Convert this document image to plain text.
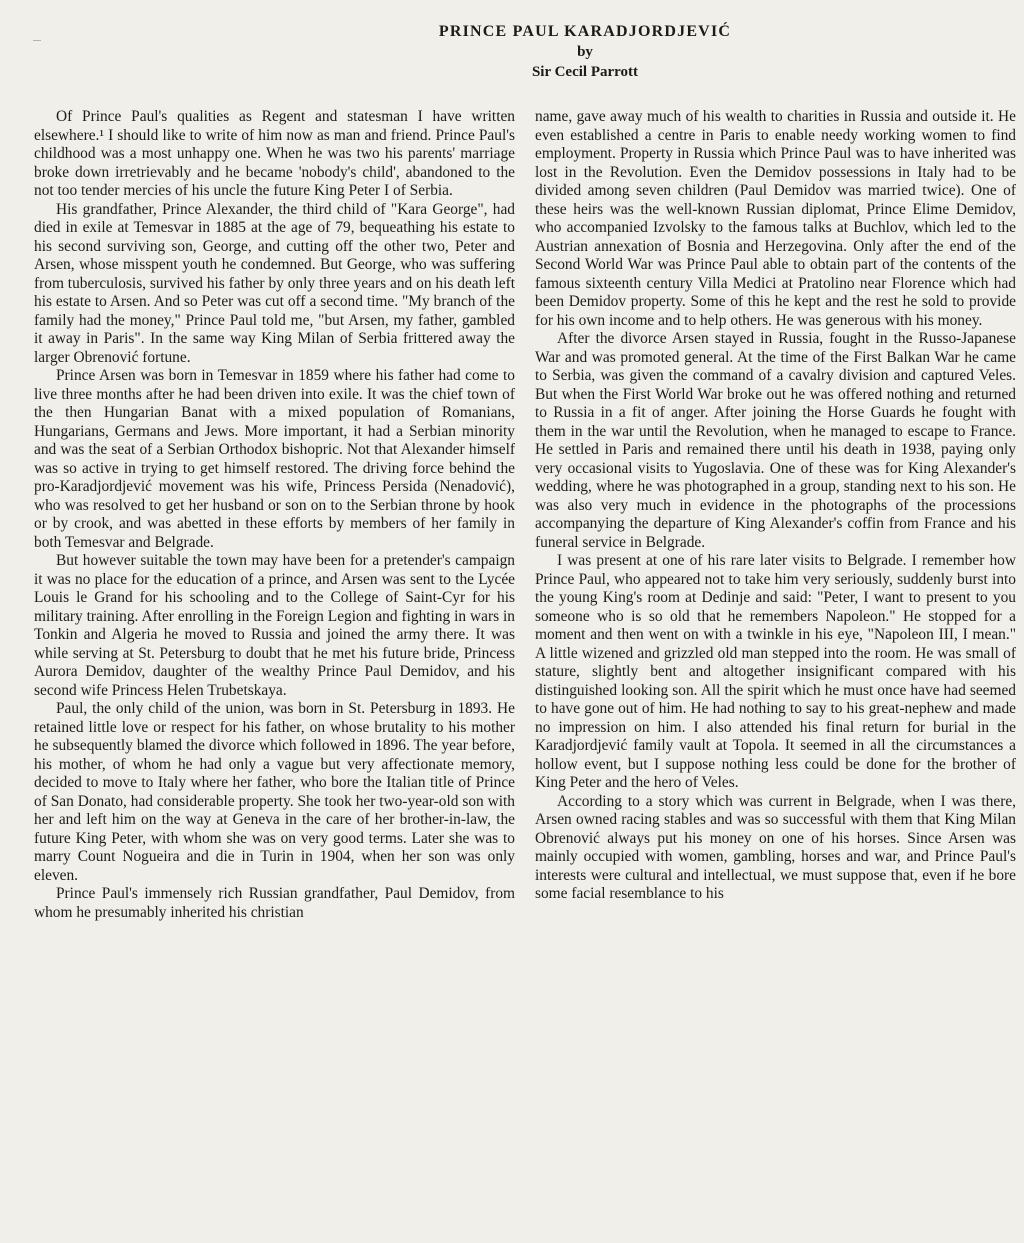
PRINCE PAUL KARADJORDJEVIĆ
by
Sir Cecil Parrott

Of Prince Paul's qualities as Regent and statesman I have written elsewhere.¹ I should like to write of him now as man and friend. Prince Paul's childhood was a most unhappy one. When he was two his parents' marriage broke down irretrievably and he became 'nobody's child', abandoned to the not too tender mercies of his uncle the future King Peter I of Serbia.

His grandfather, Prince Alexander, the third child of "Kara George", had died in exile at Temesvar in 1885 at the age of 79, bequeathing his estate to his second surviving son, George, and cutting off the other two, Peter and Arsen, whose misspent youth he condemned. But George, who was suffering from tuberculosis, survived his father by only three years and on his death left his estate to Arsen. And so Peter was cut off a second time. "My branch of the family had the money," Prince Paul told me, "but Arsen, my father, gambled it away in Paris". In the same way King Milan of Serbia frittered away the larger Obrenović fortune.

Prince Arsen was born in Temesvar in 1859 where his father had come to live three months after he had been driven into exile. It was the chief town of the then Hungarian Banat with a mixed population of Romanians, Hungarians, Germans and Jews. More important, it had a Serbian minority and was the seat of a Serbian Orthodox bishopric. Not that Alexander himself was so active in trying to get himself restored. The driving force behind the pro-Karadjordjević movement was his wife, Princess Persida (Nenadović), who was resolved to get her husband or son on to the Serbian throne by hook or by crook, and was abetted in these efforts by members of her family in both Temesvar and Belgrade.

But however suitable the town may have been for a pretender's campaign it was no place for the education of a prince, and Arsen was sent to the Lycée Louis le Grand for his schooling and to the College of Saint-Cyr for his military training. After enrolling in the Foreign Legion and fighting in wars in Tonkin and Algeria he moved to Russia and joined the army there. It was while serving at St. Petersburg to doubt that he met his future bride, Princess Aurora Demidov, daughter of the wealthy Prince Paul Demidov, and his second wife Princess Helen Trubetskaya.

Paul, the only child of the union, was born in St. Petersburg in 1893. He retained little love or respect for his father, on whose brutality to his mother he subsequently blamed the divorce which followed in 1896. The year before, his mother, of whom he had only a vague but very affectionate memory, decided to move to Italy where her father, who bore the Italian title of Prince of San Donato, had considerable property. She took her two-year-old son with her and left him on the way at Geneva in the care of her brother-in-law, the future King Peter, with whom she was on very good terms. Later she was to marry Count Nogueira and die in Turin in 1904, when her son was only eleven.

Prince Paul's immensely rich Russian grandfather, Paul Demidov, from whom he presumably inherited his christian

name, gave away much of his wealth to charities in Russia and outside it. He even established a centre in Paris to enable needy working women to find employment. Property in Russia which Prince Paul was to have inherited was lost in the Revolution. Even the Demidov possessions in Italy had to be divided among seven children (Paul Demidov was married twice). One of these heirs was the well-known Russian diplomat, Prince Elime Demidov, who accompanied Izvolsky to the famous talks at Buchlov, which led to the Austrian annexation of Bosnia and Herzegovina. Only after the end of the Second World War was Prince Paul able to obtain part of the contents of the famous sixteenth century Villa Medici at Pratolino near Florence which had been Demidov property. Some of this he kept and the rest he sold to provide for his own income and to help others. He was generous with his money.

After the divorce Arsen stayed in Russia, fought in the Russo-Japanese War and was promoted general. At the time of the First Balkan War he came to Serbia, was given the command of a cavalry division and captured Veles. But when the First World War broke out he was offered nothing and returned to Russia in a fit of anger. After joining the Horse Guards he fought with them in the war until the Revolution, when he managed to escape to France. He settled in Paris and remained there until his death in 1938, paying only very occasional visits to Yugoslavia. One of these was for King Alexander's wedding, where he was photographed in a group, standing next to his son. He was also very much in evidence in the photographs of the processions accompanying the departure of King Alexander's coffin from France and his funeral service in Belgrade.

I was present at one of his rare later visits to Belgrade. I remember how Prince Paul, who appeared not to take him very seriously, suddenly burst into the young King's room at Dedinje and said: "Peter, I want to present to you someone who is so old that he remembers Napoleon." He stopped for a moment and then went on with a twinkle in his eye, "Napoleon III, I mean." A little wizened and grizzled old man stepped into the room. He was small of stature, slightly bent and altogether insignificant compared with his distinguished looking son. All the spirit which he must once have had seemed to have gone out of him. He had nothing to say to his great-nephew and made no impression on him. I also attended his final return for burial in the Karadjordjević family vault at Topola. It seemed in all the circumstances a hollow event, but I suppose nothing less could be done for the brother of King Peter and the hero of Veles.

According to a story which was current in Belgrade, when I was there, Arsen owned racing stables and was so successful with them that King Milan Obrenović always put his money on one of his horses. Since Arsen was mainly occupied with women, gambling, horses and war, and Prince Paul's interests were cultural and intellectual, we must suppose that, even if he bore some facial resemblance to his
